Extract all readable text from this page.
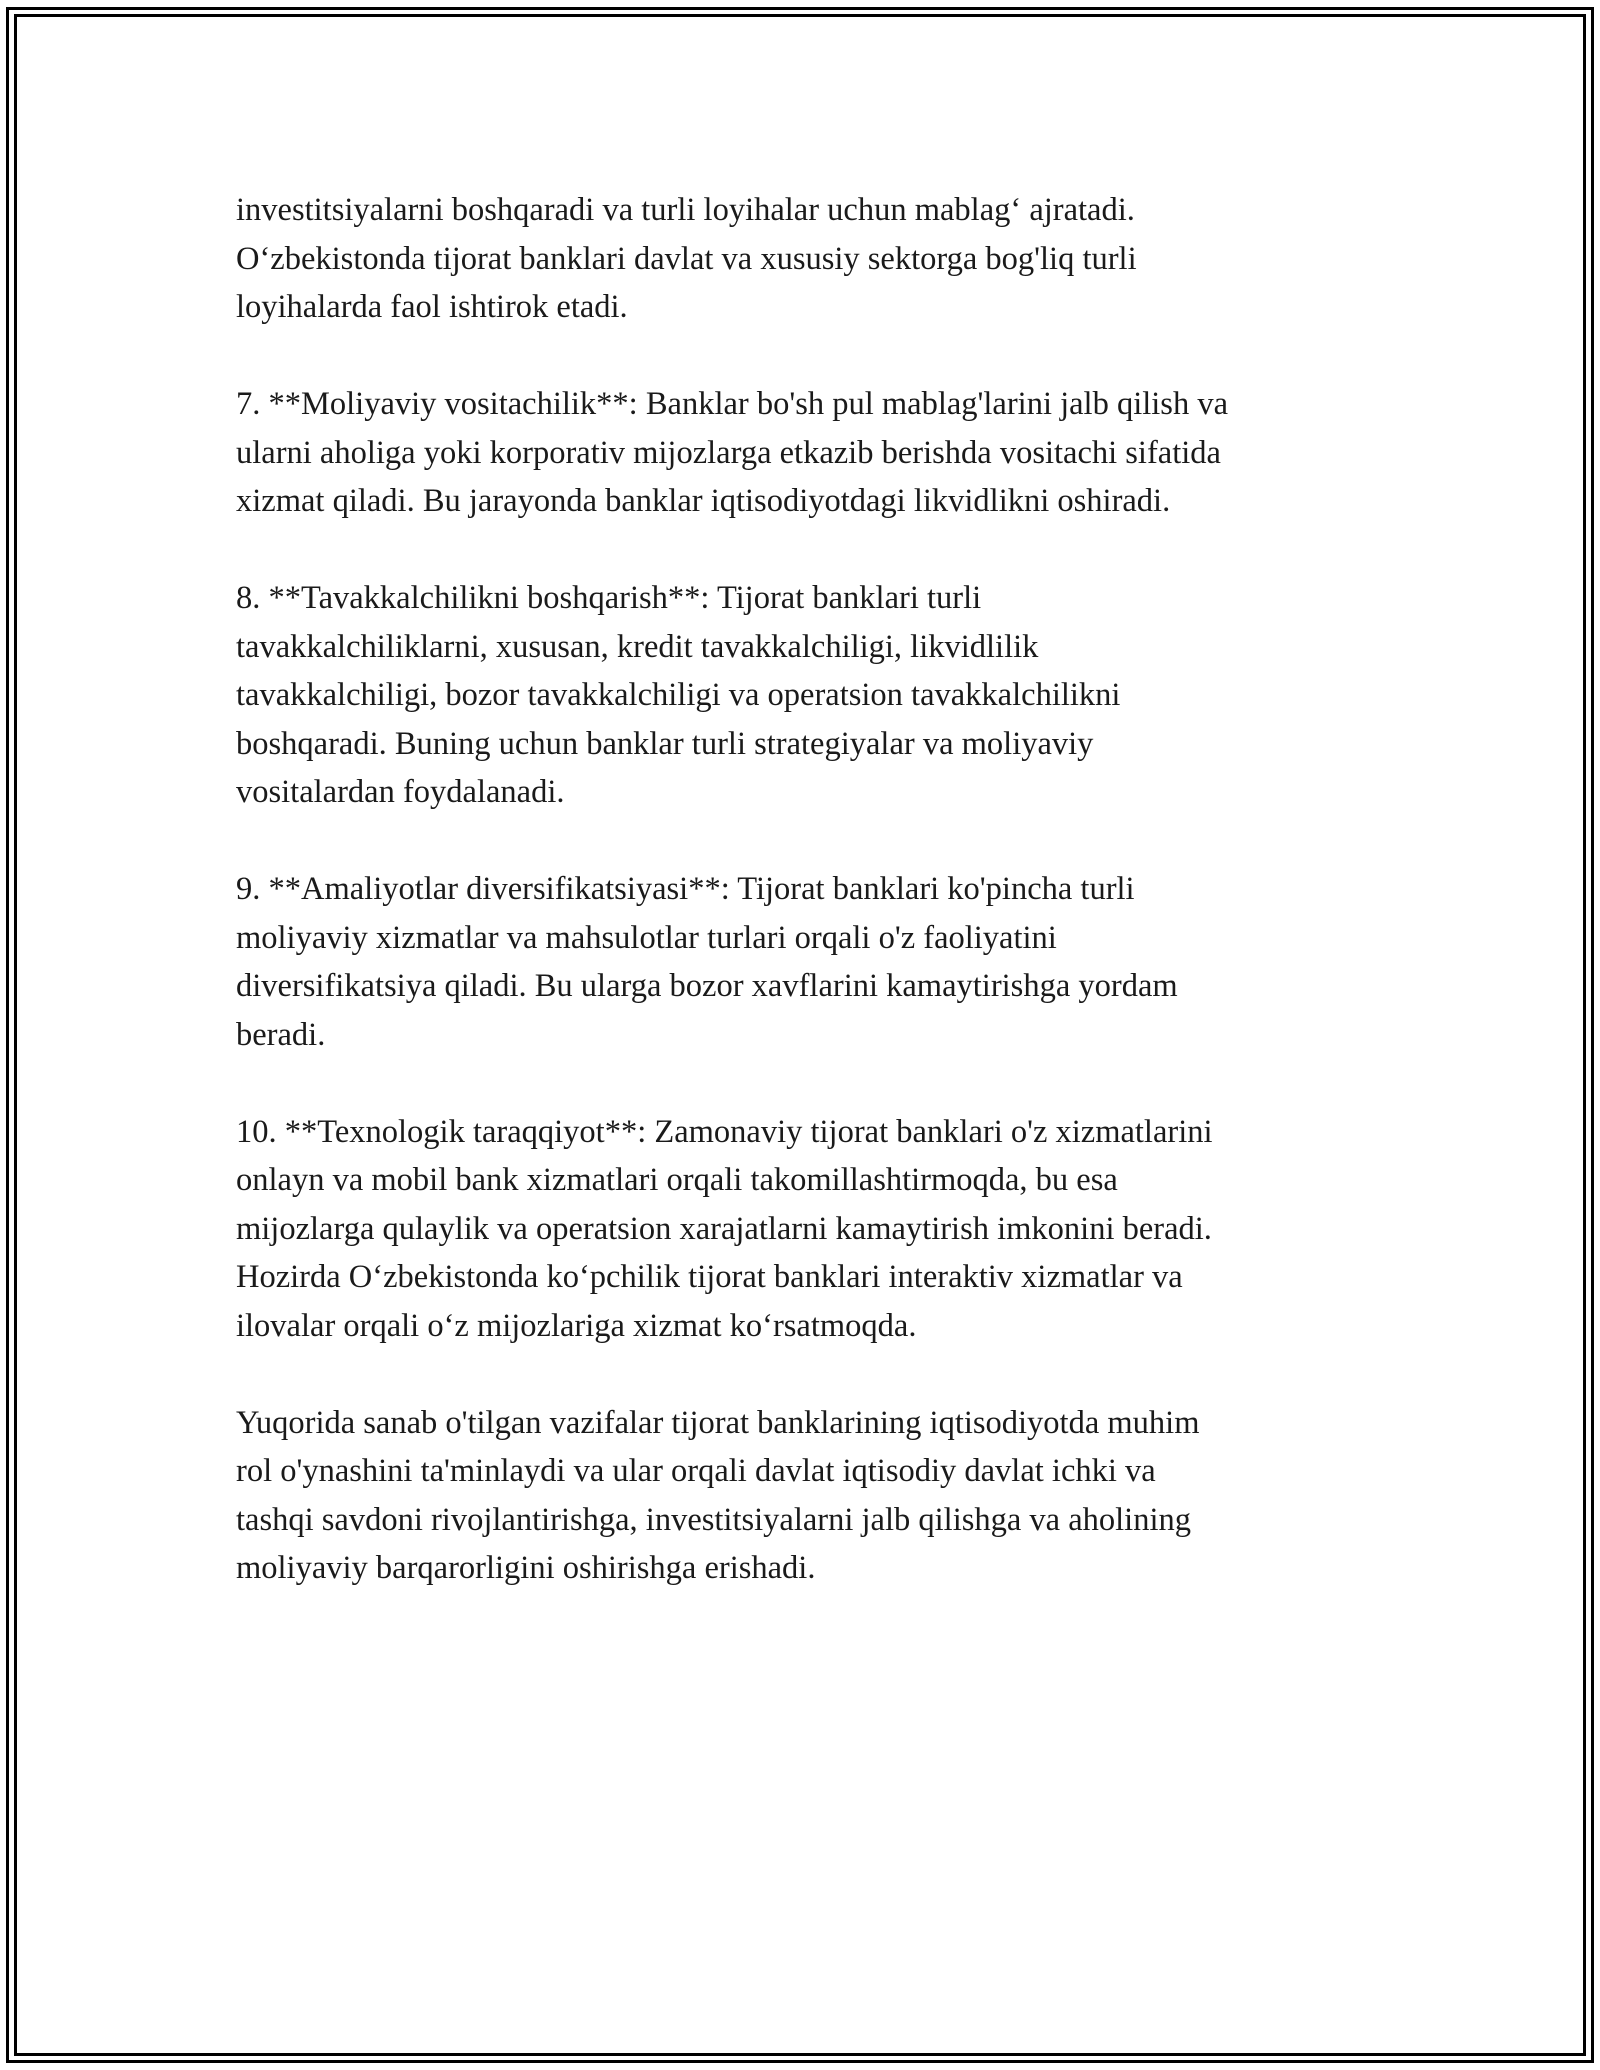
investitsiyalarni boshqaradi va turli loyihalar uchun mablag‘ ajratadi.
O‘zbekistonda tijorat banklari davlat va xususiy sektorga bog'liq turli
loyihalarda faol ishtirok etadi.

7. **Moliyaviy vositachilik**: Banklar bo'sh pul mablag'larini jalb qilish va
ularni aholiga yoki korporativ mijozlarga etkazib berishda vositachi sifatida
xizmat qiladi. Bu jarayonda banklar iqtisodiyotdagi likvidlikni oshiradi.

8. **Tavakkalchilikni boshqarish**: Tijorat banklari turli
tavakkalchiliklarni, xususan, kredit tavakkalchiligi, likvidlilik
tavakkalchiligi, bozor tavakkalchiligi va operatsion tavakkalchilikni
boshqaradi. Buning uchun banklar turli strategiyalar va moliyaviy
vositalardan foydalanadi.

9. **Amaliyotlar diversifikatsiyasi**: Tijorat banklari ko'pincha turli
moliyaviy xizmatlar va mahsulotlar turlari orqali o'z faoliyatini
diversifikatsiya qiladi. Bu ularga bozor xavflarini kamaytirishga yordam
beradi.

10. **Texnologik taraqqiyot**: Zamonaviy tijorat banklari o'z xizmatlarini
onlayn va mobil bank xizmatlari orqali takomillashtirmoqda, bu esa
mijozlarga qulaylik va operatsion xarajatlarni kamaytirish imkonini beradi.
Hozirda O‘zbekistonda ko‘pchilik tijorat banklari interaktiv xizmatlar va
ilovalar orqali o‘z mijozlariga xizmat ko‘rsatmoqda.

Yuqorida sanab o'tilgan vazifalar tijorat banklarining iqtisodiyotda muhim
rol o'ynashini ta'minlaydi va ular orqali davlat iqtisodiy davlat ichki va
tashqi savdoni rivojlantirishga, investitsiyalarni jalb qilishga va aholining
moliyaviy barqarorligini oshirishga erishadi.
